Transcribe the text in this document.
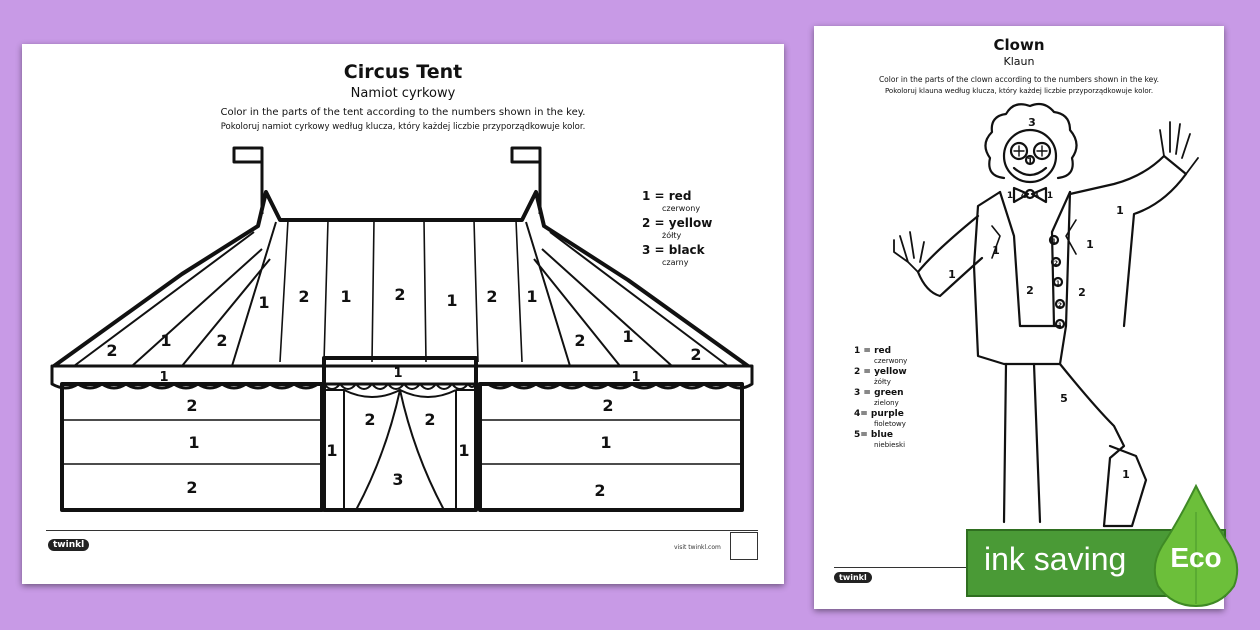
Circus Tent
Namiot cyrkowy
Color in the parts of the tent according to the numbers shown in the key.
Pokoloruj namiot cyrkowy według klucza, który każdej liczbie przyporządkowuje kolor.
1 = red
czerwony
2 = yellow
żółty
3 = black
czarny
2
1	2
1 2 1	2	1 2 1
2 1
2
1	1	1
2
1
2
2
1
2
2	2
1	1
3
twinkl	visit twinkl.com
Clown
Klaun
Color in the parts of the clown according to the numbers shown in the key.
Pokoloruj klauna według klucza, który każdej liczbie przyporządkowuje kolor.
3
1
4 4
1	1
1
1
2	2
1	1
1
2
1
2
1
5
1
1 = red
czerwony
2 = yellow
żółty
3 = green
zielony
4= purple
fioletowy
5= blue
niebieski
twinkl
ink saving	Eco
